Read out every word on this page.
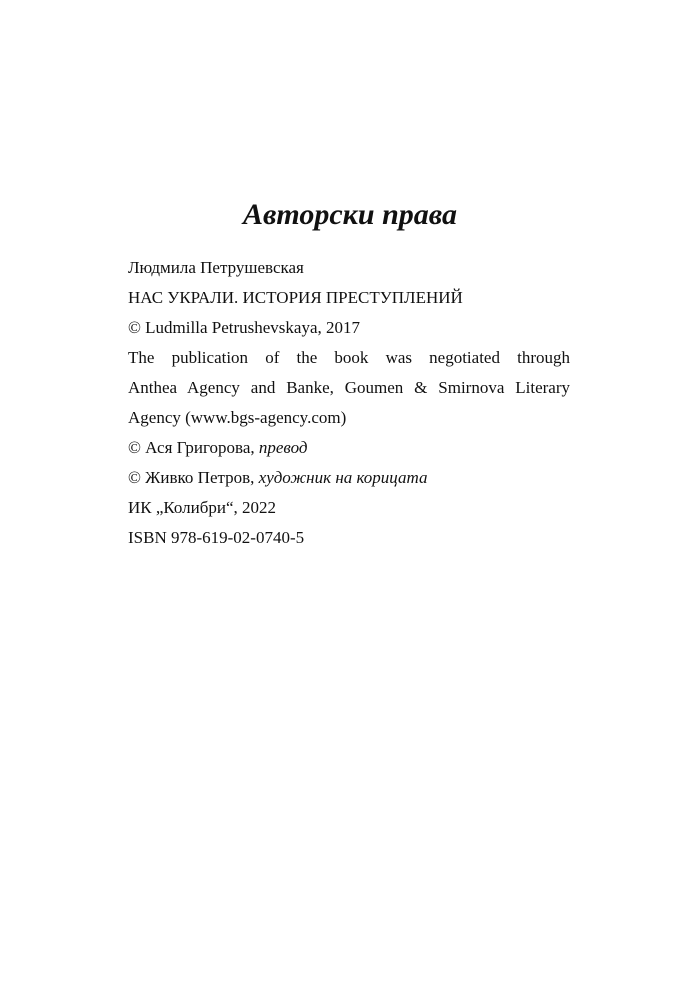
Авторски права
Людмила Петрушевская
НАС УКРАЛИ. ИСТОРИЯ ПРЕСТУПЛЕНИЙ
© Ludmilla Petrushevskaya, 2017
The publication of the book was negotiated through
Anthea Agency and Banke, Goumen & Smirnova Literary
Agency (www.bgs-agency.com)
© Ася Григорова, превод
© Живко Петров, художник на корицата
ИК „Колибри“, 2022
ISBN 978-619-02-0740-5
